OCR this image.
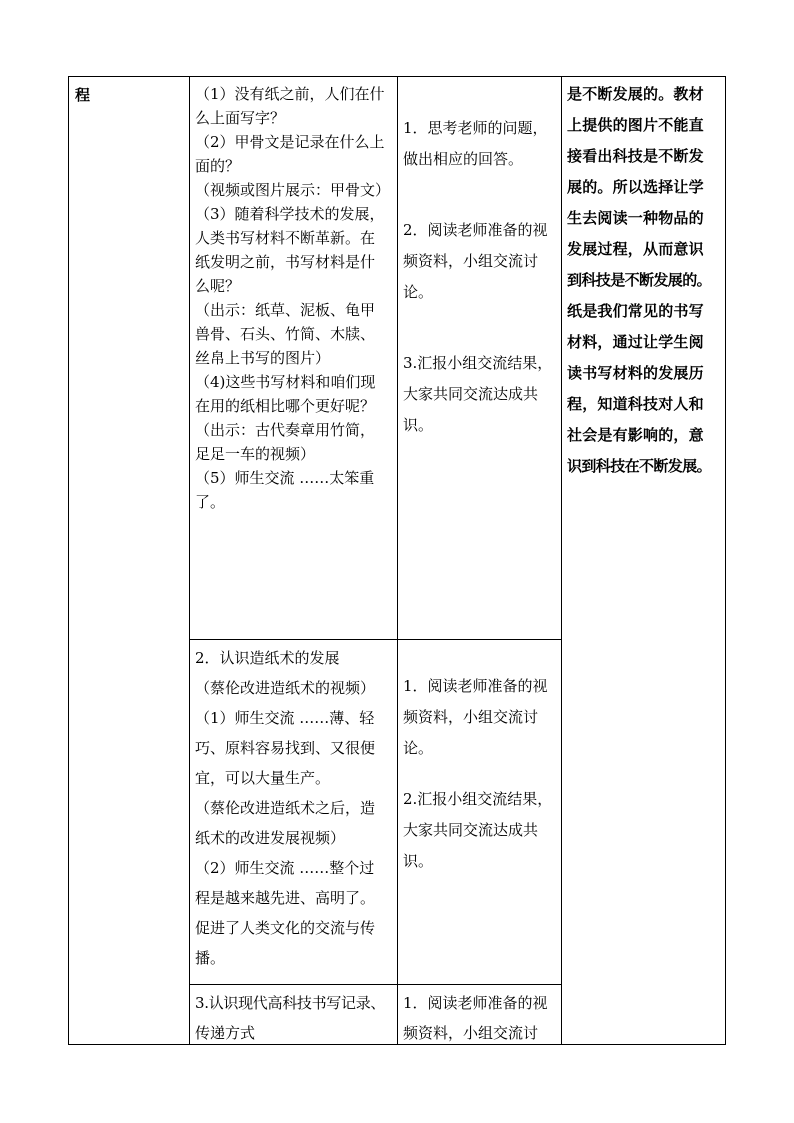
程	（1）没有纸之前，人们在什

么上面写字？

（2）甲骨文是记录在什么上

面的？

（视频或图片展示：甲骨文）

（3）随着科学技术的发展，

人类书写材料不断革新。在

纸发明之前，书写材料是什

么呢？

（出示：纸草、泥板、龟甲

兽骨、石头、竹简、木牍、

丝帛上书写的图片）

（4)这些书写材料和咱们现

在用的纸相比哪个更好呢？

（出示：古代奏章用竹简，

足足一车的视频）

（5）师生交流 ……太笨重

了。

1．思考老师的问题，

做出相应的回答。

2．阅读老师准备的视

频资料，小组交流讨

论。

3.汇报小组交流结果，

大家共同交流达成共

识。

2．认识造纸术的发展

（蔡伦改进造纸术的视频）

（1）师生交流 ……薄、轻

巧、原料容易找到、又很便

宜，可以大量生产。

（蔡伦改进造纸术之后，造

纸术的改进发展视频）

（2）师生交流 ……整个过

程是越来越先进、高明了。

促进了人类文化的交流与传

播。

1．阅读老师准备的视

频资料，小组交流讨

论。

2.汇报小组交流结果，

大家共同交流达成共

识。

3.认识现代高科技书写记录、

传递方式

1．阅读老师准备的视

频资料，小组交流讨

是不断发展的。教材

上提供的图片不能直

接看出科技是不断发

展的。所以选择让学

生去阅读一种物品的

发展过程，从而意识

到科技是不断发展的。

纸是我们常见的书写

材料，通过让学生阅

读书写材料的发展历

程，知道科技对人和

社会是有影响的，意

识到科技在不断发展。
